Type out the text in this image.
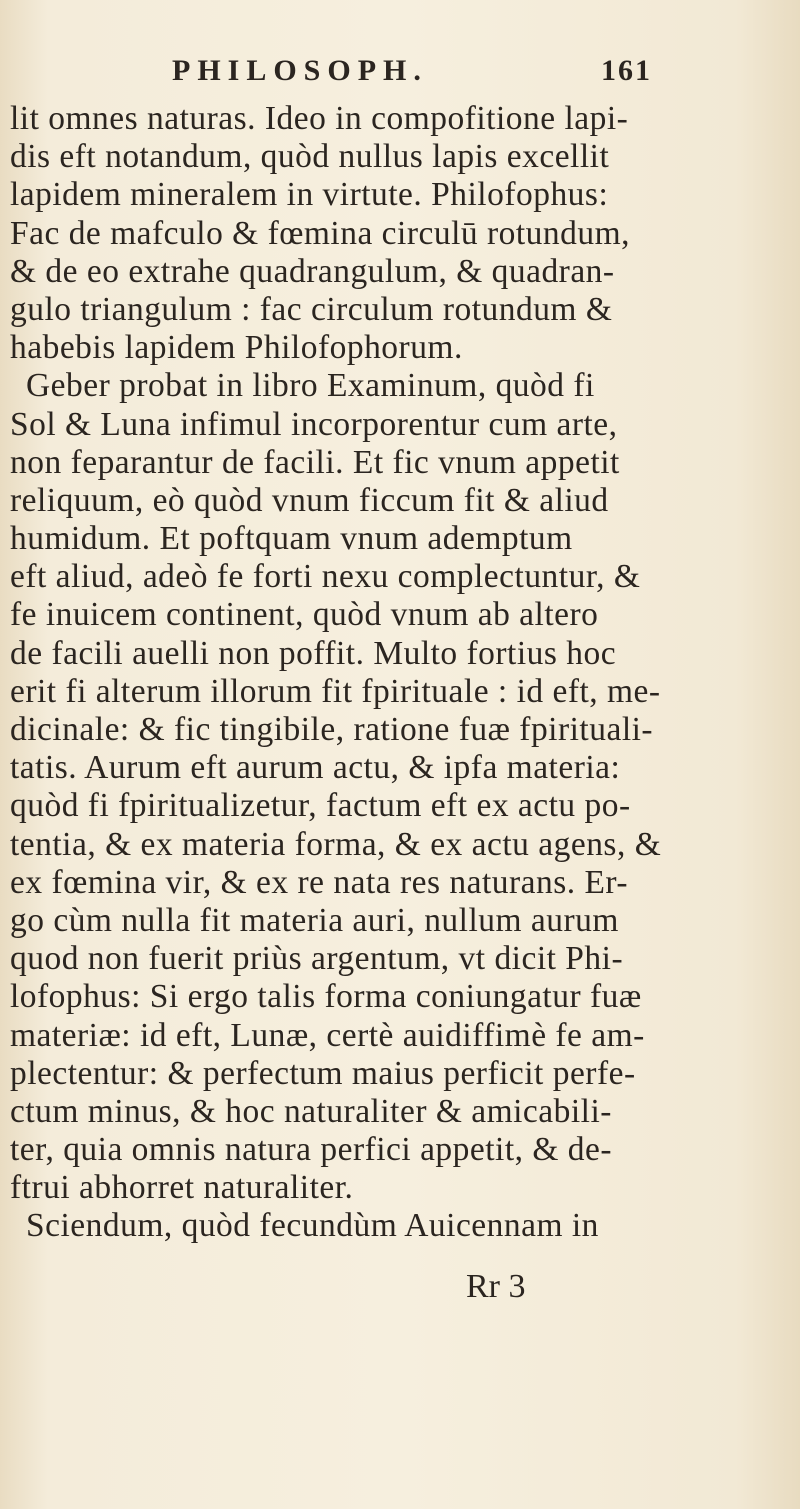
PHILOSOPH.	161
lit omnes naturas. Ideo in compofitione lapi-
dis eft notandum, quòd nullus lapis excellit
lapidem mineralem in virtute. Philofophus:
Fac de mafculo & fœmina circulū rotundum,
& de eo extrahe quadrangulum, & quadran-
gulo triangulum : fac circulum rotundum &
habebis lapidem Philofophorum.
Geber probat in libro Examinum, quòd fi
Sol & Luna infimul incorporentur cum arte,
non feparantur de facili. Et fic vnum appetit
reliquum, eò quòd vnum ficcum fit & aliud
humidum. Et poftquam vnum ademptum
eft aliud, adeò fe forti nexu complectuntur, &
fe inuicem continent, quòd vnum ab altero
de facili auelli non poffit. Multo fortius hoc
erit fi alterum illorum fit fpirituale : id eft, me-
dicinale: & fic tingibile, ratione fuæ fpirituali-
tatis. Aurum eft aurum actu, & ipfa materia:
quòd fi fpiritualizetur, factum eft ex actu po-
tentia, & ex materia forma, & ex actu agens, &
ex fœmina vir, & ex re nata res naturans. Er-
go cùm nulla fit materia auri, nullum aurum
quod non fuerit priùs argentum, vt dicit Phi-
lofophus: Si ergo talis forma coniungatur fuæ
materiæ: id eft, Lunæ, certè auidiffimè fe am-
plectentur: & perfectum maius perficit perfe-
ctum minus, & hoc naturaliter & amicabili-
ter, quia omnis natura perfici appetit, & de-
ftrui abhorret naturaliter.
Sciendum, quòd fecundùm Auicennam in
Rr 3
